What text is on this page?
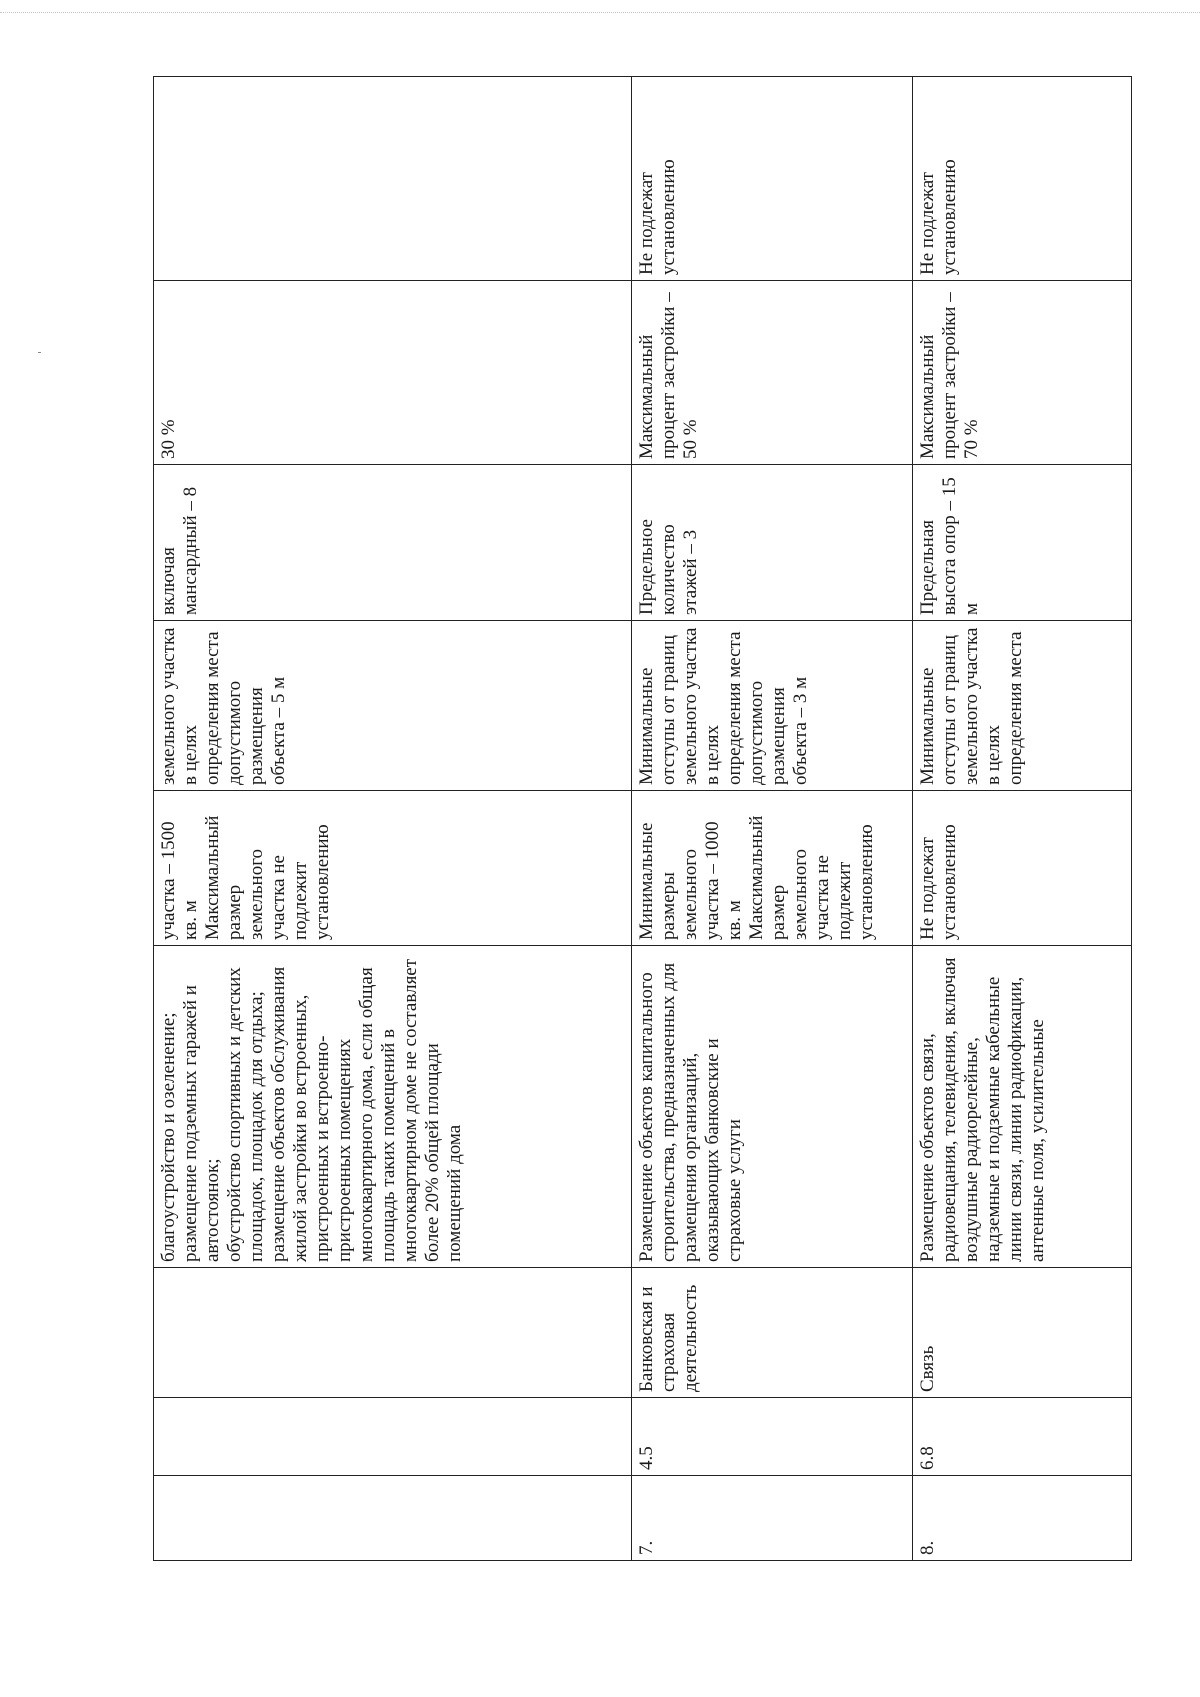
			благоустройство и озеленение;
размещение подземных гаражей и автостоянок;
обустройство спортивных и детских площадок, площадок для отдыха;
размещение объектов обслуживания жилой застройки во встроенных, пристроенных и встроенно-пристроенных помещениях многоквартирного дома, если общая площадь таких помещений в многоквартирном доме не составляет более 20% общей площади помещений дома	участка – 1500 кв. м
Максимальный размер земельного участка не подлежит установлению	земельного участка в целях определения места допустимого размещения объекта – 5 м	включая мансардный – 8	30 %	
7.	4.5	Банковская и страховая деятельность	Размещение объектов капитального строительства, предназначенных для размещения организаций, оказывающих банковские и страховые услуги	Минимальные размеры земельного участка – 1000 кв. м
Максимальный размер земельного участка не подлежит установлению	Минимальные отступы от границ земельного участка в целях определения места допустимого размещения объекта – 3 м	Предельное количество этажей – 3	Максимальный процент застройки – 50 %	Не подлежат установлению
8.	6.8	Связь	Размещение объектов связи, радиовещания, телевидения, включая воздушные радиорелейные, надземные и подземные кабельные линии связи, линии радиофикации, антенные поля, усилительные	Не подлежат установлению	Минимальные отступы от границ земельного участка в целях определения места	Предельная высота опор – 15 м	Максимальный процент застройки – 70 %	Не подлежат установлению
